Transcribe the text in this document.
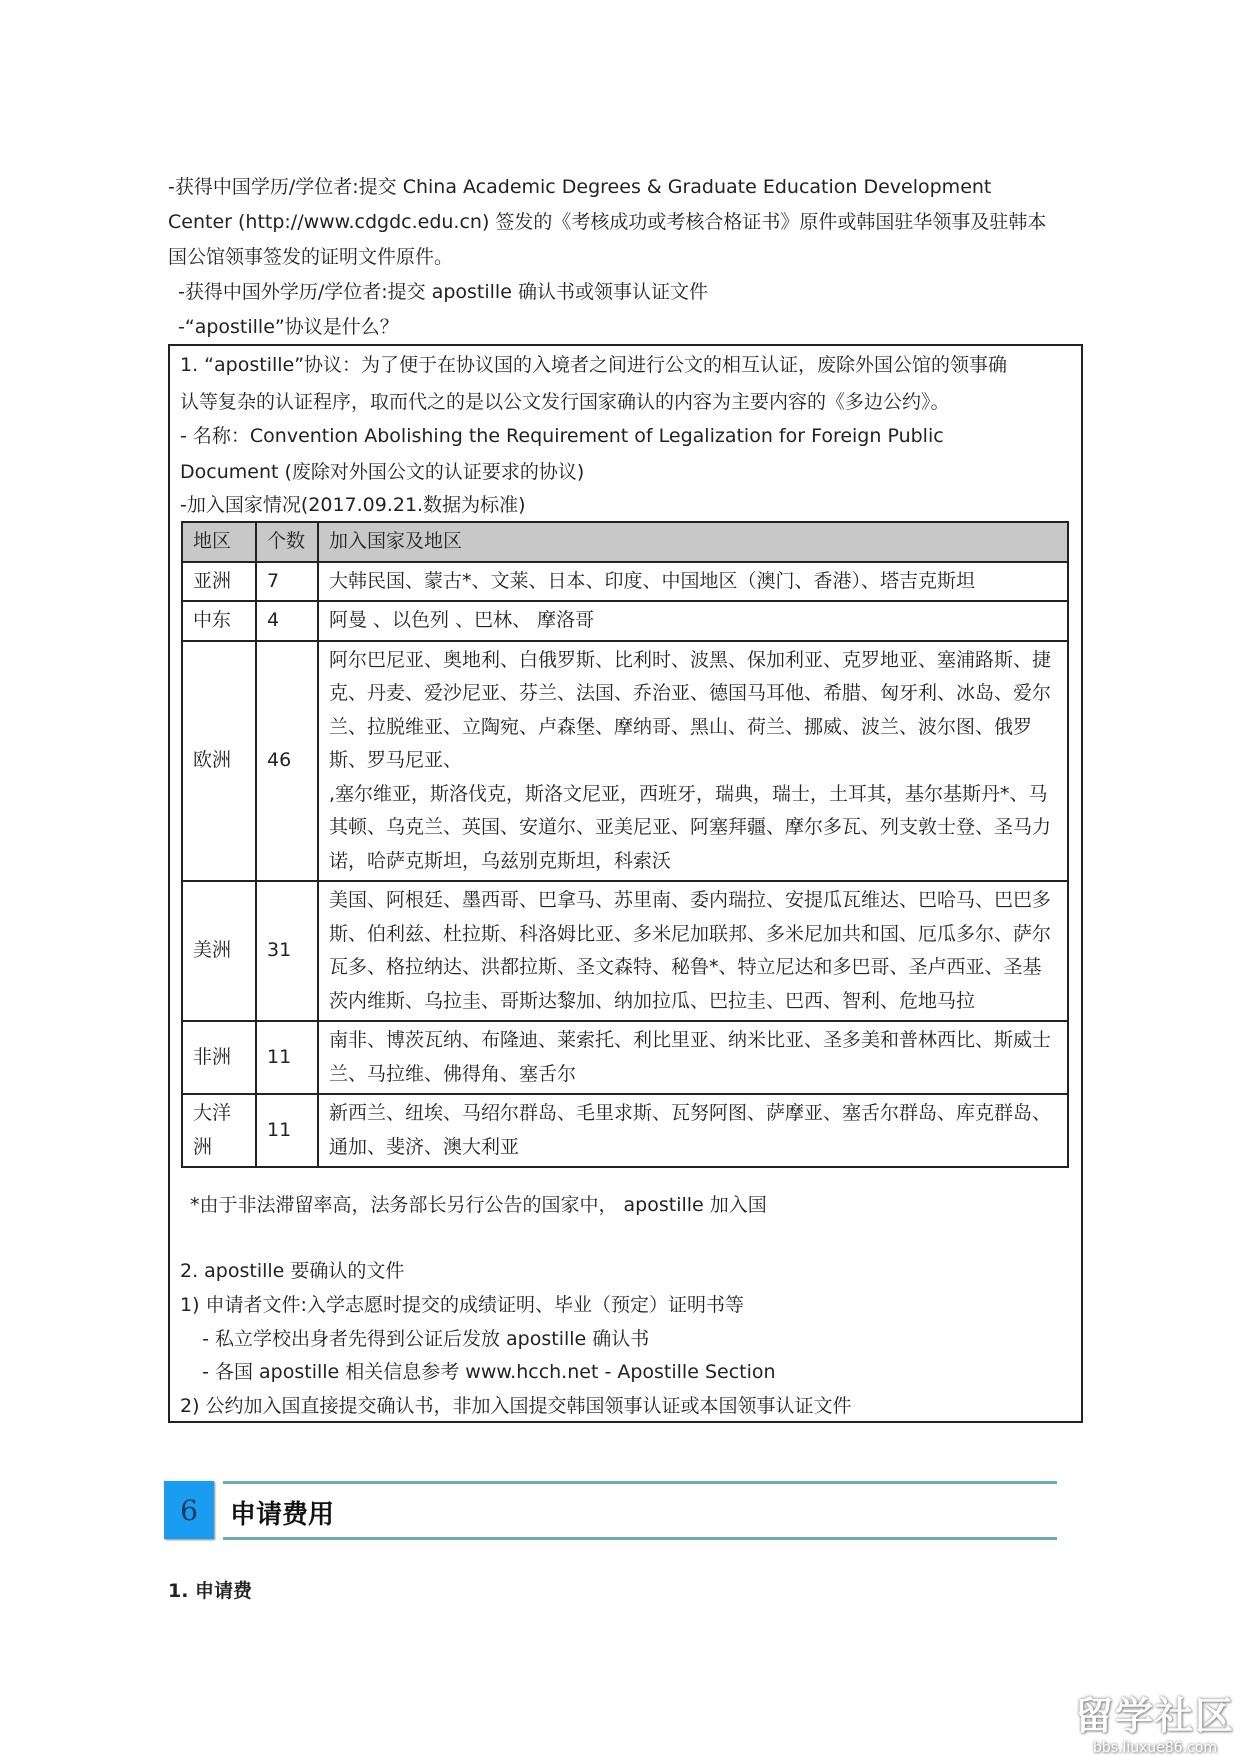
-获得中国学历/学位者:提交 China Academic Degrees & Graduate Education Development
Center (http://www.cdgdc.edu.cn) 签发的《考核成功或考核合格证书》原件或韩国驻华领事及驻韩本
国公馆领事签发的证明文件原件。
-获得中国外学历/学位者:提交 apostille 确认书或领事认证文件
-“apostille”协议是什么？
1. “apostille”协议：为了便于在协议国的入境者之间进行公文的相互认证，废除外国公馆的领事确
认等复杂的认证程序，取而代之的是以公文发行国家确认的内容为主要内容的《多边公约》。
- 名称：Convention Abolishing the Requirement of Legalization for Foreign Public
Document (废除对外国公文的认证要求的协议)
-加入国家情况(2017.09.21.数据为标准)
地区	个数	加入国家及地区
亚洲	7	大韩民国、蒙古*、文莱、日本、印度、中国地区（澳门、香港）、塔吉克斯坦
中东	4	阿曼 、以色列 、巴林、 摩洛哥
欧洲	46	阿尔巴尼亚、奥地利、白俄罗斯、比利时、波黑、保加利亚、克罗地亚、塞浦路斯、捷克、丹麦、爱沙尼亚、芬兰、法国、乔治亚、德国马耳他、希腊、匈牙利、冰岛、爱尔兰、拉脱维亚、立陶宛、卢森堡、摩纳哥、黑山、荷兰、挪威、波兰、波尔图、俄罗斯、罗马尼亚、
,塞尔维亚，斯洛伐克，斯洛文尼亚，西班牙，瑞典，瑞士，土耳其，基尔基斯丹*、马其顿、乌克兰、英国、安道尔、亚美尼亚、阿塞拜疆、摩尔多瓦、列支敦士登、圣马力诺，哈萨克斯坦，乌兹别克斯坦，科索沃

美洲	31	美国、阿根廷、墨西哥、巴拿马、苏里南、委内瑞拉、安提瓜瓦维达、巴哈马、巴巴多斯、伯利兹、杜拉斯、科洛姆比亚、多米尼加联邦、多米尼加共和国、厄瓜多尔、萨尔瓦多、格拉纳达、洪都拉斯、圣文森特、秘鲁*、特立尼达和多巴哥、圣卢西亚、圣基茨内维斯、乌拉圭、哥斯达黎加、纳加拉瓜、巴拉圭、巴西、智利、危地马拉
非洲	11	南非、博茨瓦纳、布隆迪、莱索托、利比里亚、纳米比亚、圣多美和普林西比、斯威士兰、马拉维、佛得角、塞舌尔
大洋洲	11	新西兰、纽埃、马绍尔群岛、毛里求斯、瓦努阿图、萨摩亚、塞舌尔群岛、库克群岛、通加、斐济、澳大利亚
*由于非法滞留率高，法务部长另行公告的国家中， apostille 加入国
2. apostille 要确认的文件
1) 申请者文件:入学志愿时提交的成绩证明、毕业（预定）证明书等
- 私立学校出身者先得到公证后发放 apostille 确认书
- 各国 apostille 相关信息参考 www.hcch.net - Apostille Section
2) 公约加入国直接提交确认书，非加入国提交韩国领事认证或本国领事认证文件
6	申请费用
1. 申请费
留学社区
bbs.liuxue86.com
